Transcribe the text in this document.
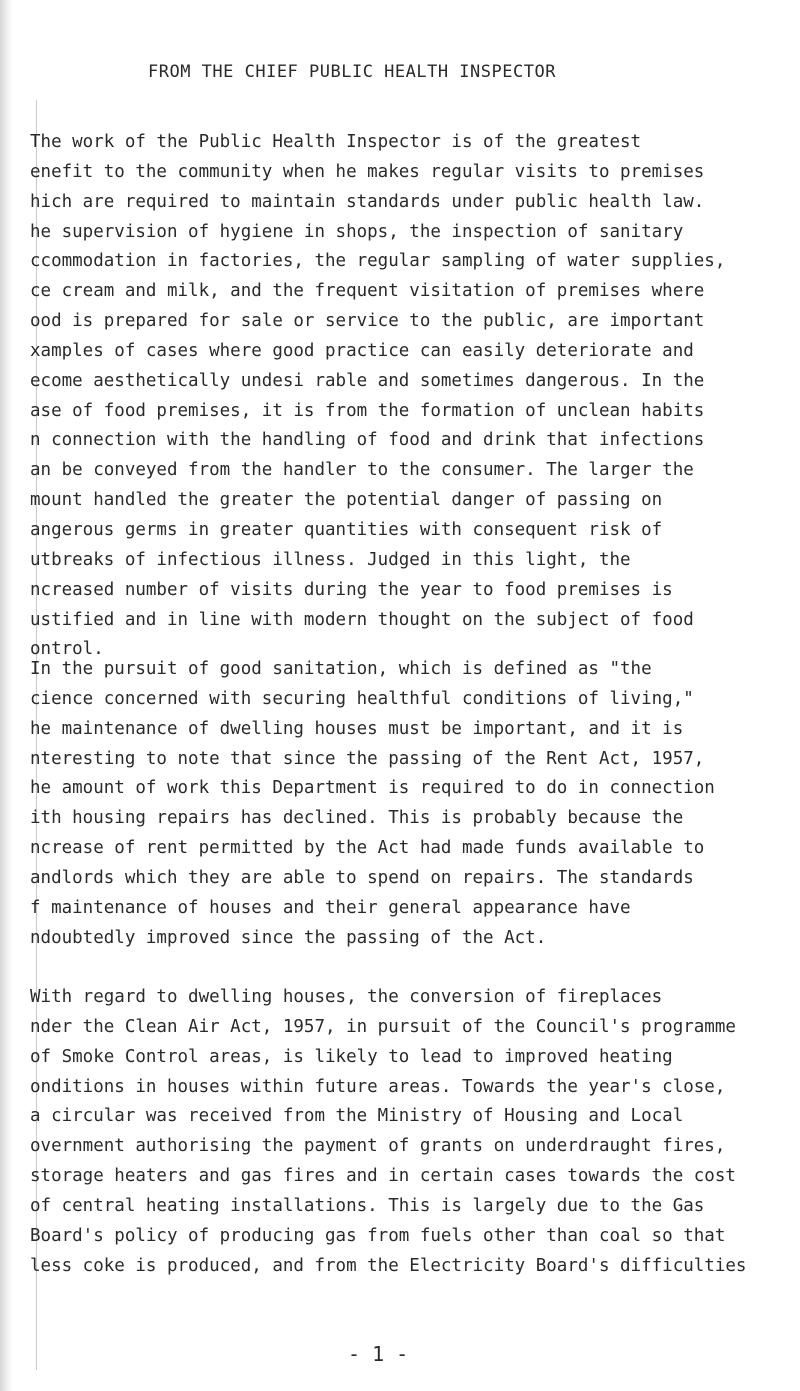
FROM THE CHIEF PUBLIC HEALTH INSPECTOR

The work of the Public Health Inspector is of the greatest
enefit to the community when he makes regular visits to premises
hich are required to maintain standards under public health law.
he supervision of hygiene in shops, the inspection of sanitary
ccommodation in factories, the regular sampling of water supplies,
ce cream and milk, and the frequent visitation of premises where
ood is prepared for sale or service to the public, are important
xamples of cases where good practice can easily deteriorate and
ecome aesthetically undesi rable and sometimes dangerous. In the
ase of food premises, it is from the formation of unclean habits
n connection with the handling of food and drink that infections
an be conveyed from the handler to the consumer. The larger the
mount handled the greater the potential danger of passing on
angerous germs in greater quantities with consequent risk of
utbreaks of infectious illness. Judged in this light, the
ncreased number of visits during the year to food premises is
ustified and in line with modern thought on the subject of food
ontrol.

In the pursuit of good sanitation, which is defined as "the
cience concerned with securing healthful conditions of living,"
he maintenance of dwelling houses must be important, and it is
nteresting to note that since the passing of the Rent Act, 1957,
he amount of work this Department is required to do in connection
ith housing repairs has declined. This is probably because the
ncrease of rent permitted by the Act had made funds available to
andlords which they are able to spend on repairs. The standards
f maintenance of houses and their general appearance have
ndoubtedly improved since the passing of the Act.

With regard to dwelling houses, the conversion of fireplaces
nder the Clean Air Act, 1957, in pursuit of the Council's programme
of Smoke Control areas, is likely to lead to improved heating
onditions in houses within future areas. Towards the year's close,
a circular was received from the Ministry of Housing and Local
overnment authorising the payment of grants on underdraught fires,
storage heaters and gas fires and in certain cases towards the cost
of central heating installations. This is largely due to the Gas
Board's policy of producing gas from fuels other than coal so that
less coke is produced, and from the Electricity Board's difficulties

- 1 -
